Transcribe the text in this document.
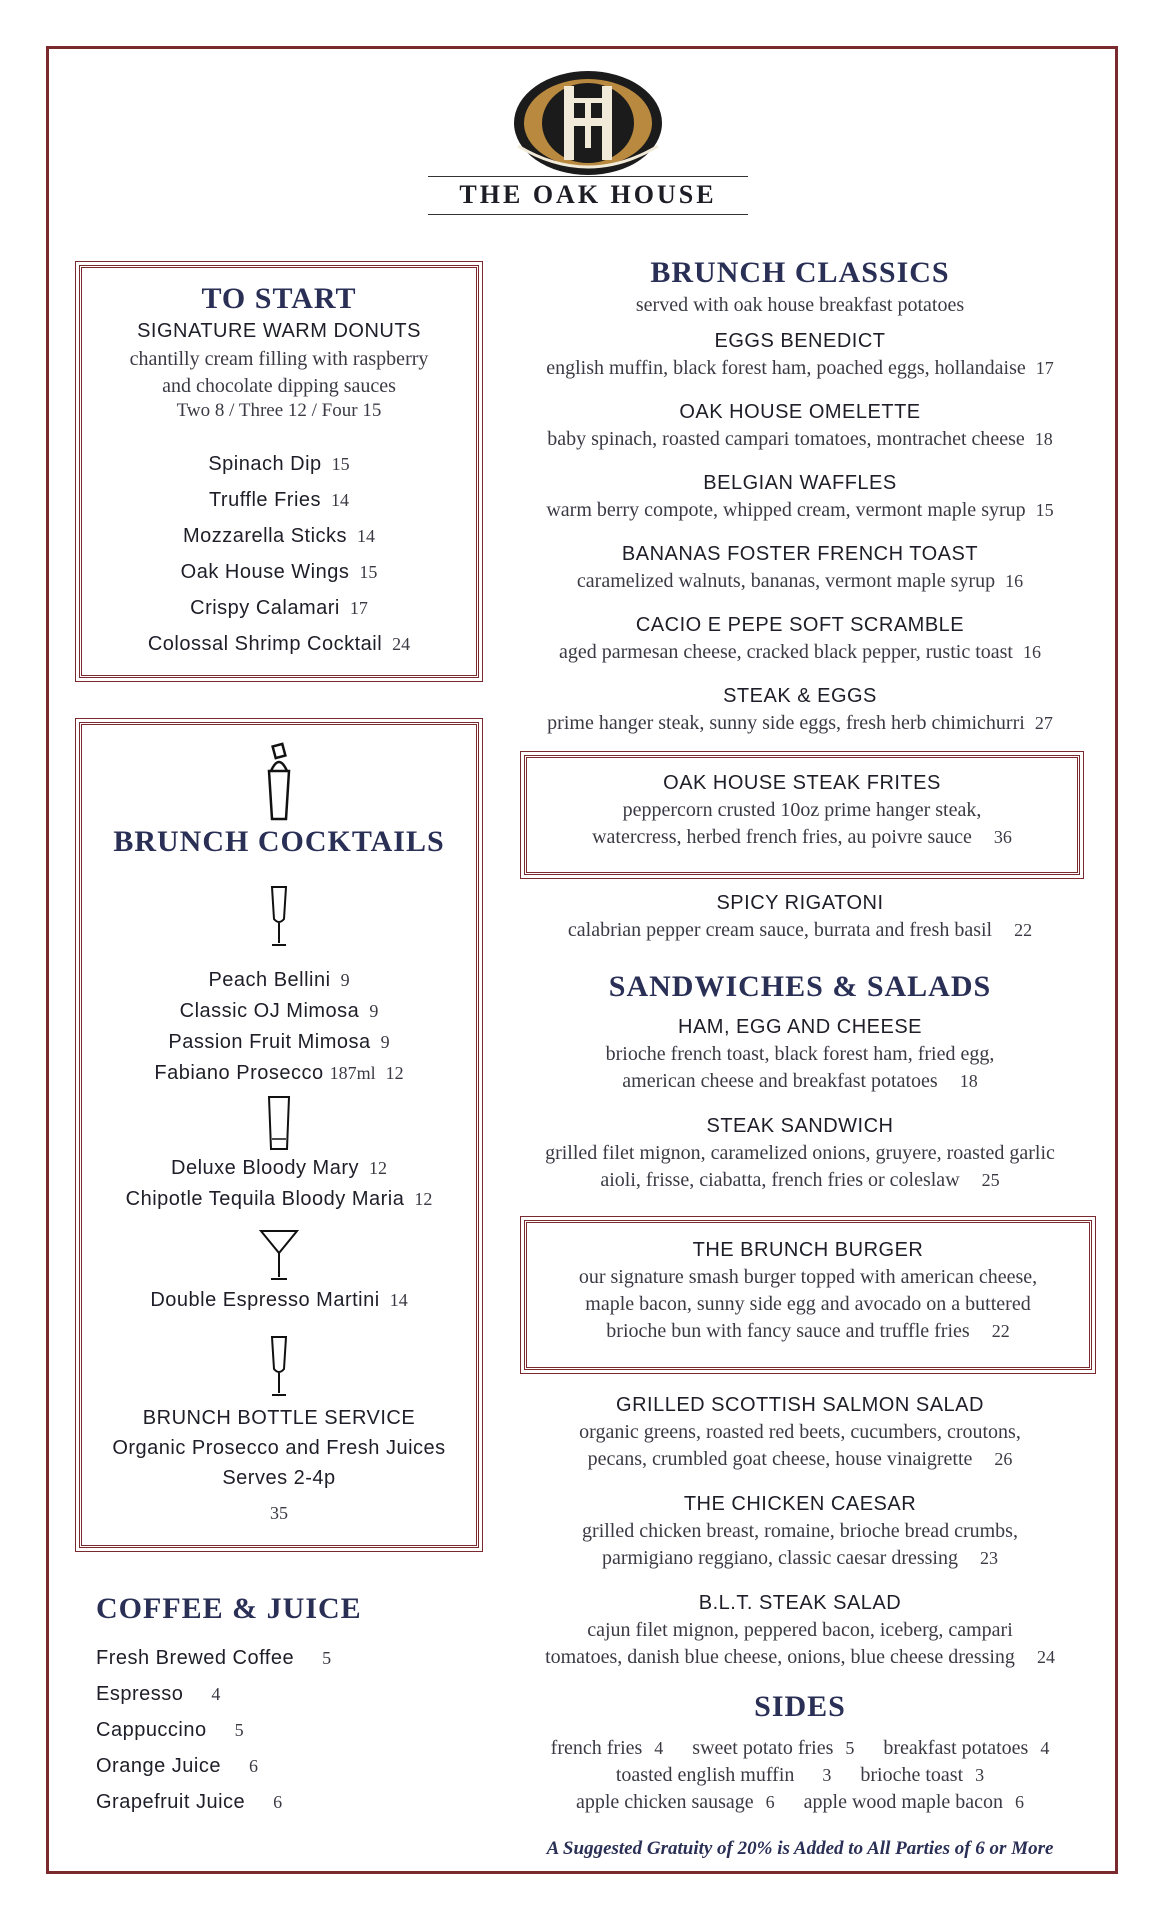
THE OAK HOUSE
TO START
SIGNATURE WARM DONUTS
chantilly cream filling with raspberry
and chocolate dipping sauces
Two 8 / Three 12 / Four 15
Spinach Dip 15
Truffle Fries 14
Mozzarella Sticks 14
Oak House Wings 15
Crispy Calamari 17
Colossal Shrimp Cocktail 24
BRUNCH COCKTAILS
Peach Bellini 9
Classic OJ Mimosa 9
Passion Fruit Mimosa 9
Fabiano Prosecco 187ml 12
Deluxe Bloody Mary 12
Chipotle Tequila Bloody Maria 12
Double Espresso Martini 14
BRUNCH BOTTLE SERVICE
Organic Prosecco and Fresh Juices
Serves 2-4p
35
COFFEE & JUICE
Fresh Brewed Coffee 5
Espresso 4
Cappuccino 5
Orange Juice 6
Grapefruit Juice 6
BRUNCH CLASSICS
served with oak house breakfast potatoes
EGGS BENEDICT
english muffin, black forest ham, poached eggs, hollandaise 17
OAK HOUSE OMELETTE
baby spinach, roasted campari tomatoes, montrachet cheese 18
BELGIAN WAFFLES
warm berry compote, whipped cream, vermont maple syrup 15
BANANAS FOSTER FRENCH TOAST
caramelized walnuts, bananas, vermont maple syrup 16
CACIO E PEPE SOFT SCRAMBLE
aged parmesan cheese, cracked black pepper, rustic toast 16
STEAK & EGGS
prime hanger steak, sunny side eggs, fresh herb chimichurri 27
OAK HOUSE STEAK FRITES
peppercorn crusted 10oz prime hanger steak,
watercress, herbed french fries, au poivre sauce 36
SPICY RIGATONI
calabrian pepper cream sauce, burrata and fresh basil 22
SANDWICHES & SALADS
HAM, EGG AND CHEESE
brioche french toast, black forest ham, fried egg,
american cheese and breakfast potatoes 18
STEAK SANDWICH
grilled filet mignon, caramelized onions, gruyere, roasted garlic
aioli, frisse, ciabatta, french fries or coleslaw 25
THE BRUNCH BURGER
our signature smash burger topped with american cheese,
maple bacon, sunny side egg and avocado on a buttered
brioche bun with fancy sauce and truffle fries 22
GRILLED SCOTTISH SALMON SALAD
organic greens, roasted red beets, cucumbers, croutons,
pecans, crumbled goat cheese, house vinaigrette 26
THE CHICKEN CAESAR
grilled chicken breast, romaine, brioche bread crumbs,
parmigiano reggiano, classic caesar dressing 23
B.L.T. STEAK SALAD
cajun filet mignon, peppered bacon, iceberg, campari
tomatoes, danish blue cheese, onions, blue cheese dressing 24
SIDES
french fries 4 sweet potato fries 5 breakfast potatoes 4
toasted english muffin 3 brioche toast 3
apple chicken sausage 6 apple wood maple bacon 6
A Suggested Gratuity of 20% is Added to All Parties of 6 or More
